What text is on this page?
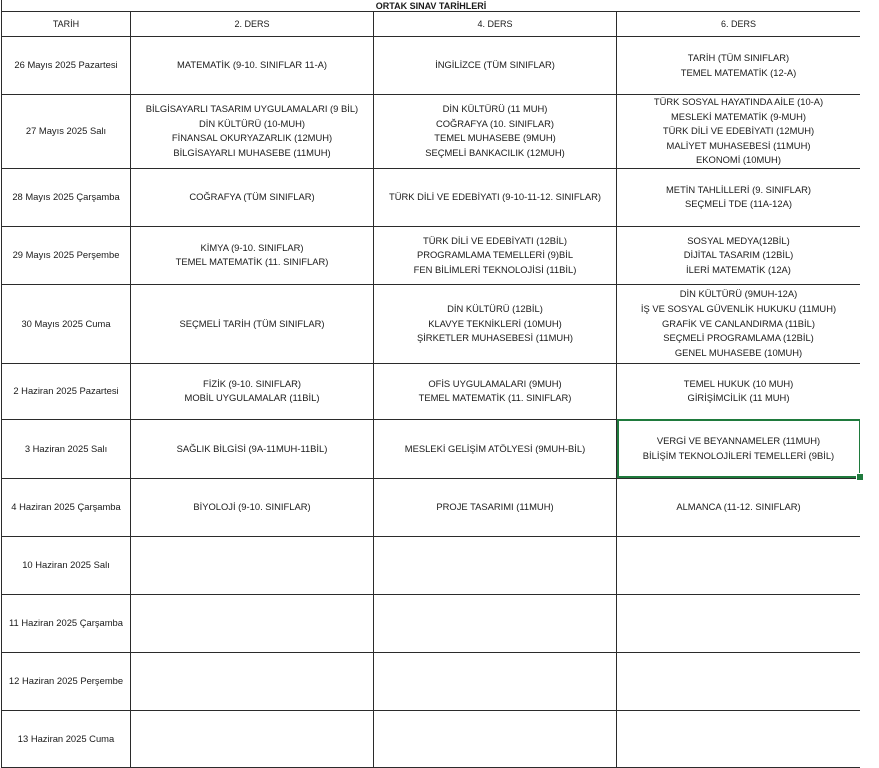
ORTAK SINAV TARİHLERİ			
TARİH	2. DERS	4. DERS	6. DERS
26 Mayıs 2025 Pazartesi	MATEMATİK (9-10. SINIFLAR 11-A)	İNGİLİZCE (TÜM SINIFLAR)	TARİH (TÜM SINIFLAR)
TEMEL MATEMATİK (12-A)

27 Mayıs 2025 Salı	BİLGİSAYARLI TASARIM UYGULAMALARI (9 BİL)
DİN KÜLTÜRÜ (10-MUH)
FİNANSAL OKURYAZARLIK (12MUH)
BİLGİSAYARLI MUHASEBE (11MUH)	DİN KÜLTÜRÜ (11 MUH)
COĞRAFYA (10. SINIFLAR)
TEMEL MUHASEBE (9MUH)
SEÇMELİ BANKACILIK (12MUH)	TÜRK SOSYAL HAYATINDA AİLE (10-A)
MESLEKİ MATEMATİK (9-MUH)
TÜRK DİLİ VE EDEBİYATI (12MUH)
MALİYET MUHASEBESİ (11MUH)
EKONOMİ (10MUH)

28 Mayıs 2025 Çarşamba	COĞRAFYA (TÜM SINIFLAR)	TÜRK DİLİ VE EDEBİYATI (9-10-11-12. SINIFLAR)	METİN TAHLİLLERİ (9. SINIFLAR)
SEÇMELİ TDE (11A-12A)

29 Mayıs 2025 Perşembe	KİMYA (9-10. SINIFLAR)
TEMEL MATEMATİK (11. SINIFLAR)	TÜRK DİLİ VE EDEBİYATI (12BİL)
PROGRAMLAMA TEMELLERİ (9)BİL
FEN BİLİMLERİ TEKNOLOJİSİ (11BİL)	SOSYAL MEDYA(12BİL)
DİJİTAL TASARIM (12BİL)
İLERİ MATEMATİK (12A)

30 Mayıs 2025 Cuma	SEÇMELİ TARİH (TÜM SINIFLAR)	DİN KÜLTÜRÜ (12BİL)
KLAVYE TEKNİKLERİ (10MUH)
ŞİRKETLER MUHASEBESİ (11MUH)	DİN KÜLTÜRÜ (9MUH-12A)
İŞ VE SOSYAL GÜVENLİK HUKUKU (11MUH)
GRAFİK VE CANLANDIRMA (11BİL)
SEÇMELİ PROGRAMLAMA (12BİL)
GENEL MUHASEBE (10MUH)

2 Haziran 2025 Pazartesi	FİZİK (9-10. SINIFLAR)
MOBİL UYGULAMALAR (11BİL)	OFİS UYGULAMALARI (9MUH)
TEMEL MATEMATİK (11. SINIFLAR)	TEMEL HUKUK (10 MUH)
GİRİŞİMCİLİK (11 MUH)

3 Haziran 2025 Salı	SAĞLIK BİLGİSİ (9A-11MUH-11BİL)	MESLEKİ GELİŞİM ATÖLYESİ (9MUH-BİL)	VERGİ VE BEYANNAMELER (11MUH)
BİLİŞİM TEKNOLOJİLERİ TEMELLERİ (9BİL)

4 Haziran 2025 Çarşamba	BİYOLOJİ (9-10. SINIFLAR)	PROJE TASARIMI (11MUH)	ALMANCA (11-12. SINIFLAR)

10 Haziran 2025 Salı			
11 Haziran 2025 Çarşamba			
12 Haziran 2025 Perşembe			
13 Haziran 2025 Cuma			
